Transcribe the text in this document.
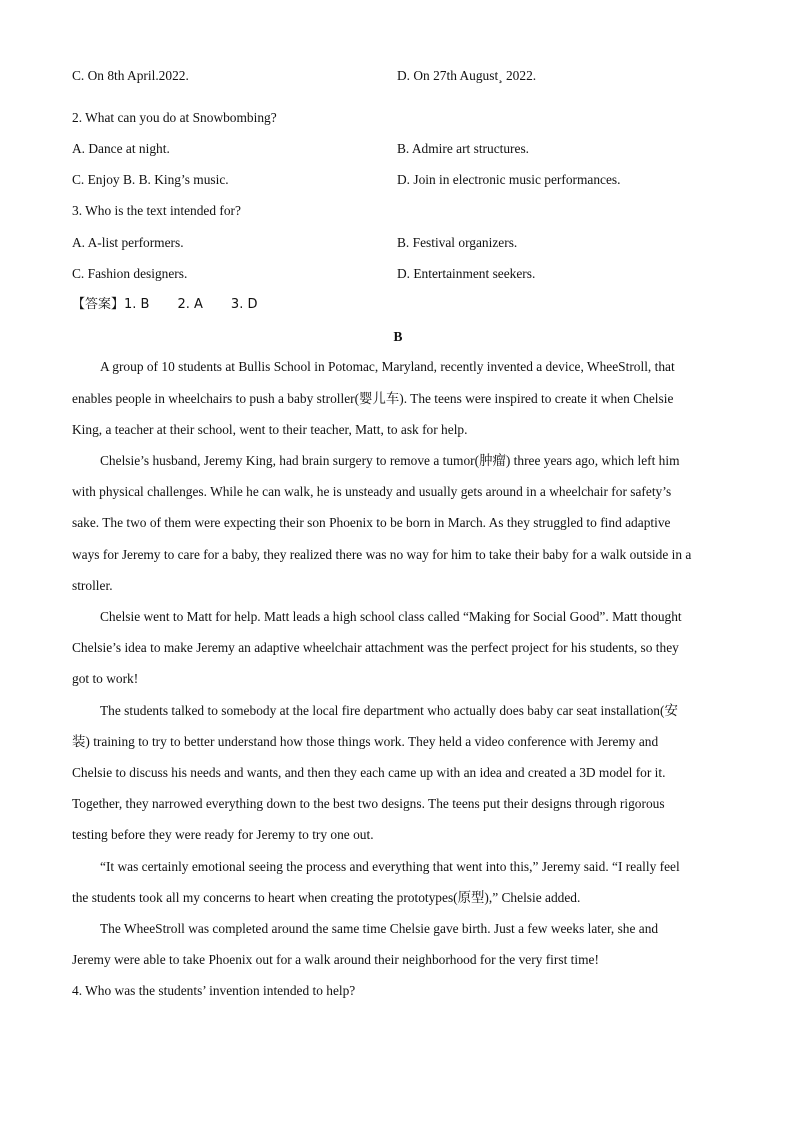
C. On 8th April.2022.	D. On 27th August¸ 2022.
2. What can you do at Snowbombing?
A. Dance at night.	B. Admire art structures.
C. Enjoy B. B. King’s music.	D. Join in electronic music performances.
3. Who is the text intended for?
A. A-list performers.	B. Festival organizers.
C. Fashion designers.	D. Entertainment seekers.
【答案】1. B 2. A 3. D
B
A group of 10 students at Bullis School in Potomac, Maryland, recently invented a device, WheeStroll, that
enables people in wheelchairs to push a baby stroller(婴儿车). The teens were inspired to create it when Chelsie
King, a teacher at their school, went to their teacher, Matt, to ask for help.
Chelsie’s husband, Jeremy King, had brain surgery to remove a tumor(肿瘤) three years ago, which left him
with physical challenges. While he can walk, he is unsteady and usually gets around in a wheelchair for safety’s
sake. The two of them were expecting their son Phoenix to be born in March. As they struggled to find adaptive
ways for Jeremy to care for a baby, they realized there was no way for him to take their baby for a walk outside in a
stroller.
Chelsie went to Matt for help. Matt leads a high school class called “Making for Social Good”. Matt thought
Chelsie’s idea to make Jeremy an adaptive wheelchair attachment was the perfect project for his students, so they
got to work!
The students talked to somebody at the local fire department who actually does baby car seat installation(安
装) training to try to better understand how those things work. They held a video conference with Jeremy and
Chelsie to discuss his needs and wants, and then they each came up with an idea and created a 3D model for it.
Together, they narrowed everything down to the best two designs. The teens put their designs through rigorous
testing before they were ready for Jeremy to try one out.
“It was certainly emotional seeing the process and everything that went into this,” Jeremy said. “I really feel
the students took all my concerns to heart when creating the prototypes(原型),” Chelsie added.
The WheeStroll was completed around the same time Chelsie gave birth. Just a few weeks later, she and
Jeremy were able to take Phoenix out for a walk around their neighborhood for the very first time!
4. Who was the students’ invention intended to help?
